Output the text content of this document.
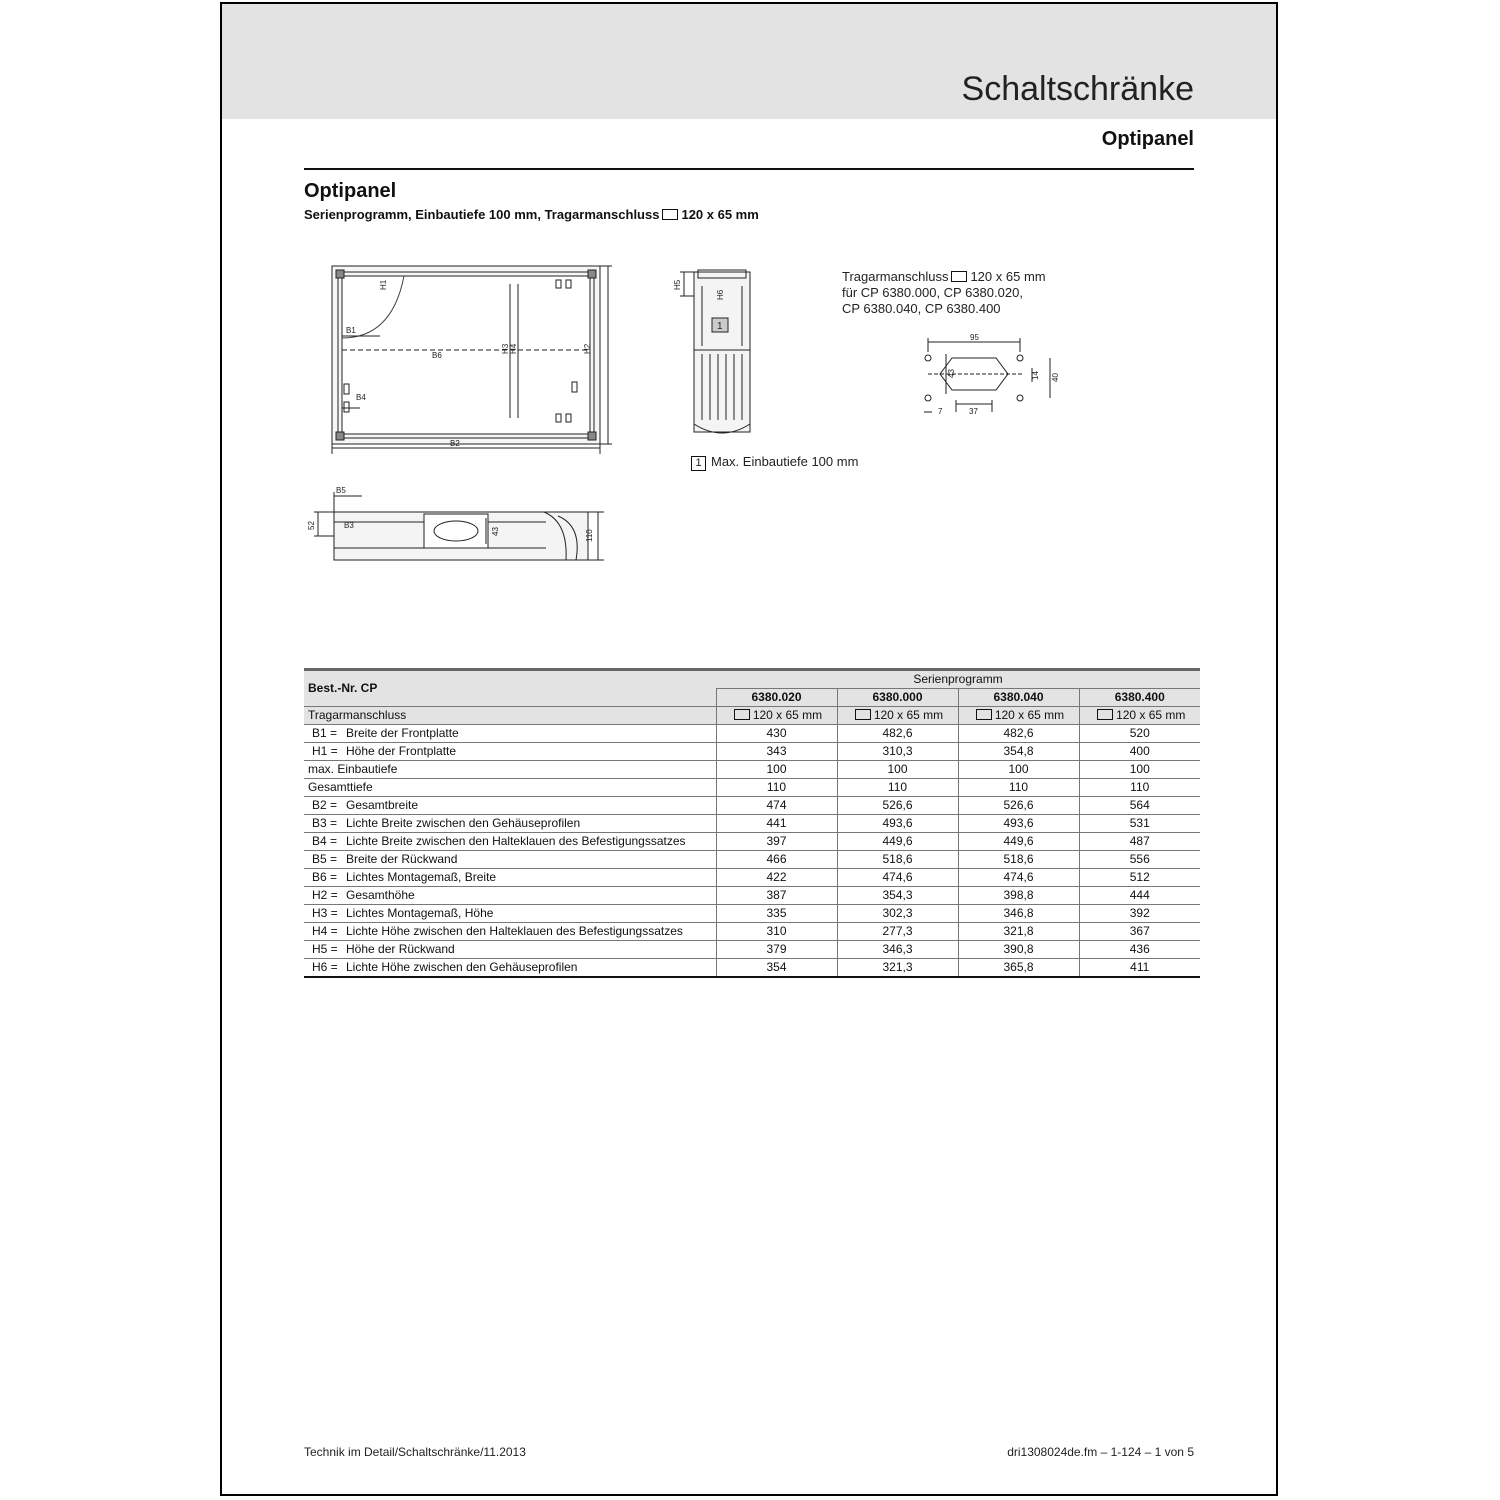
Schaltschränke
Optipanel
Optipanel
Serienprogramm, Einbautiefe 100 mm, Tragarmanschluss 120 x 65 mm
H1
B1
B6
H3 H4	H2
B4
B2
H5
H6
1
Tragarmanschluss 120 x 65 mm
für CP 6380.000, CP 6380.020,
CP 6380.040, CP 6380.400
95
43	14 40
7	37
1 Max. Einbautiefe 100 mm
B5
B3
52
43	110
Best.-Nr. CP	Serienprogramm			
	6380.020	6380.000	6380.040	6380.400
Tragarmanschluss	120 x 65 mm	120 x 65 mm	120 x 65 mm	120 x 65 mm
B1 = Breite der Frontplatte	430	482,6	482,6	520
H1 = Höhe der Frontplatte	343	310,3	354,8	400
max. Einbautiefe	100	100	100	100
Gesamttiefe	110	110	110	110
B2 = Gesamtbreite	474	526,6	526,6	564
B3 = Lichte Breite zwischen den Gehäuseprofilen	441	493,6	493,6	531
B4 = Lichte Breite zwischen den Halteklauen des Befestigungssatzes	397	449,6	449,6	487
B5 = Breite der Rückwand	466	518,6	518,6	556
B6 = Lichtes Montagemaß, Breite	422	474,6	474,6	512
H2 = Gesamthöhe	387	354,3	398,8	444
H3 = Lichtes Montagemaß, Höhe	335	302,3	346,8	392
H4 = Lichte Höhe zwischen den Halteklauen des Befestigungssatzes	310	277,3	321,8	367
H5 = Höhe der Rückwand	379	346,3	390,8	436
H6 = Lichte Höhe zwischen den Gehäuseprofilen	354	321,3	365,8	411
Technik im Detail/Schaltschränke/11.2013	dri1308024de.fm – 1-124 – 1 von 5
